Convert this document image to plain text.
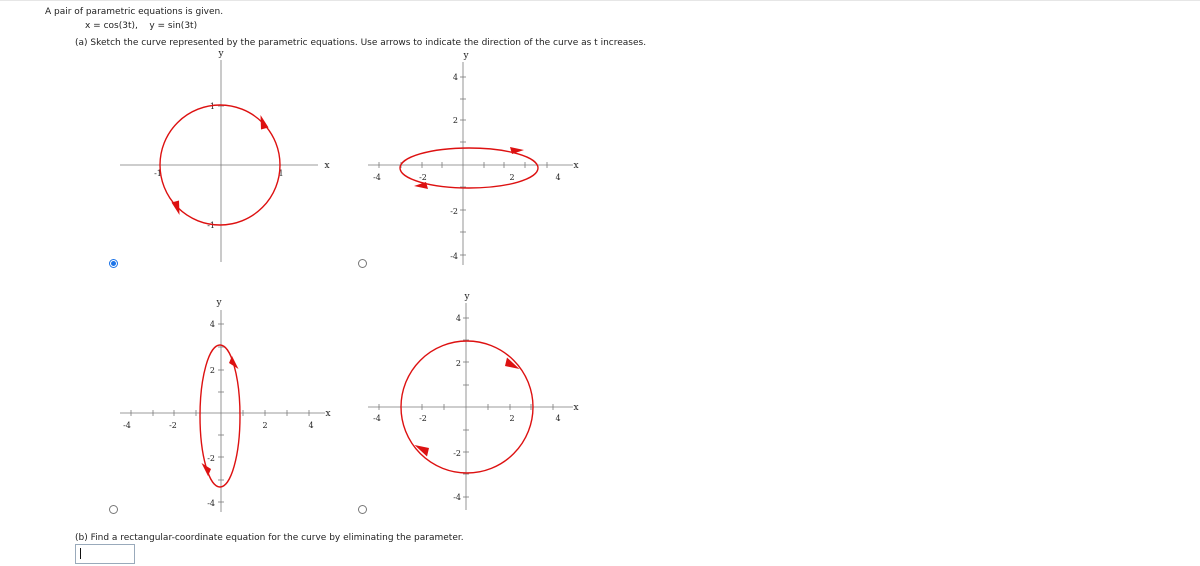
A pair of parametric equations is given.
x = cos(3t), y = sin(3t)
(a) Sketch the curve represented by the parametric equations. Use arrows to indicate the direction of the curve as t increases.
y
x
-1	1
1
-1
y
x
-4	-2	2	4
4
2
-2
-4
y
x
-4	-2	2	4
4
2
-2
-4
y
x
-4	-2	2	4
4
2
-2
-4
(b) Find a rectangular-coordinate equation for the curve by eliminating the parameter.
